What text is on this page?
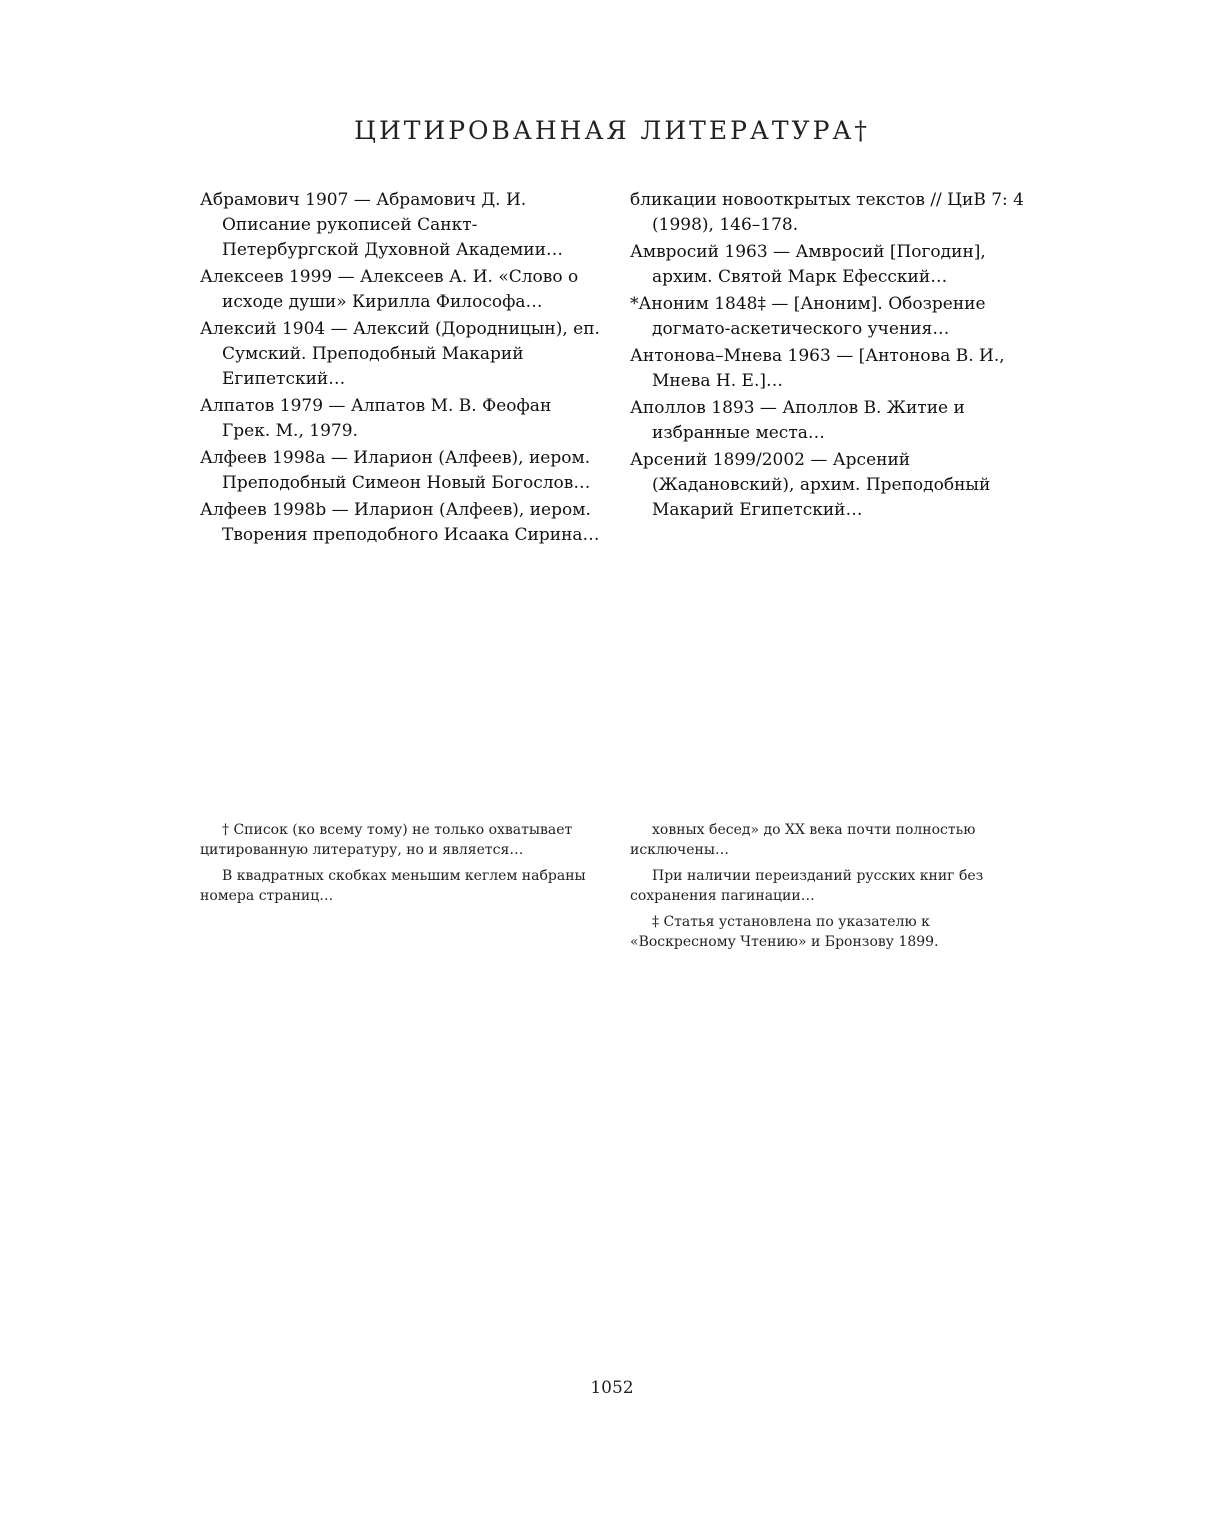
ЦИТИРОВАННАЯ ЛИТЕРАТУРА†
Абрамович 1907 — Абрамович Д. И. Описание рукописей Санкт-Петербургской Духовной Академии…
Алексеев 1999 — Алексеев А. И. «Слово о исходе души» Кирилла Философа…
Алексий 1904 — Алексий (Дородницын), еп. Сумский. Преподобный Макарий Египетский…
Алпатов 1979 — Алпатов М. В. Феофан Грек. М., 1979.
Алфеев 1998a — Иларион (Алфеев), иером. Преподобный Симеон Новый Богослов…
Алфеев 1998b — Иларион (Алфеев), иером. Творения преподобного Исаака Сирина…
бликации новооткрытых текстов // ЦиВ 7: 4 (1998), 146–178.
Амвросий 1963 — Амвросий [Погодин], архим. Святой Марк Ефесский…
*Аноним 1848‡ — [Аноним]. Обозрение догмато-аскетического учения…
Антонова–Мнева 1963 — [Антонова В. И., Мнева Н. Е.]…
Аполлов 1893 — Аполлов В. Житие и избранные места…
Арсений 1899/2002 — Арсений (Жадановский), архим. Преподобный Макарий Египетский…

† Список (ко всему тому) не только охватывает цитированную литературу, но и является…

В квадратных скобках меньшим кеглем набраны номера страниц…

ховных бесед» до XX века почти полностью исключены…

При наличии переизданий русских книг без сохранения пагинации…

‡ Статья установлена по указателю к «Воскресному Чтению» и Бронзову 1899.

1052
